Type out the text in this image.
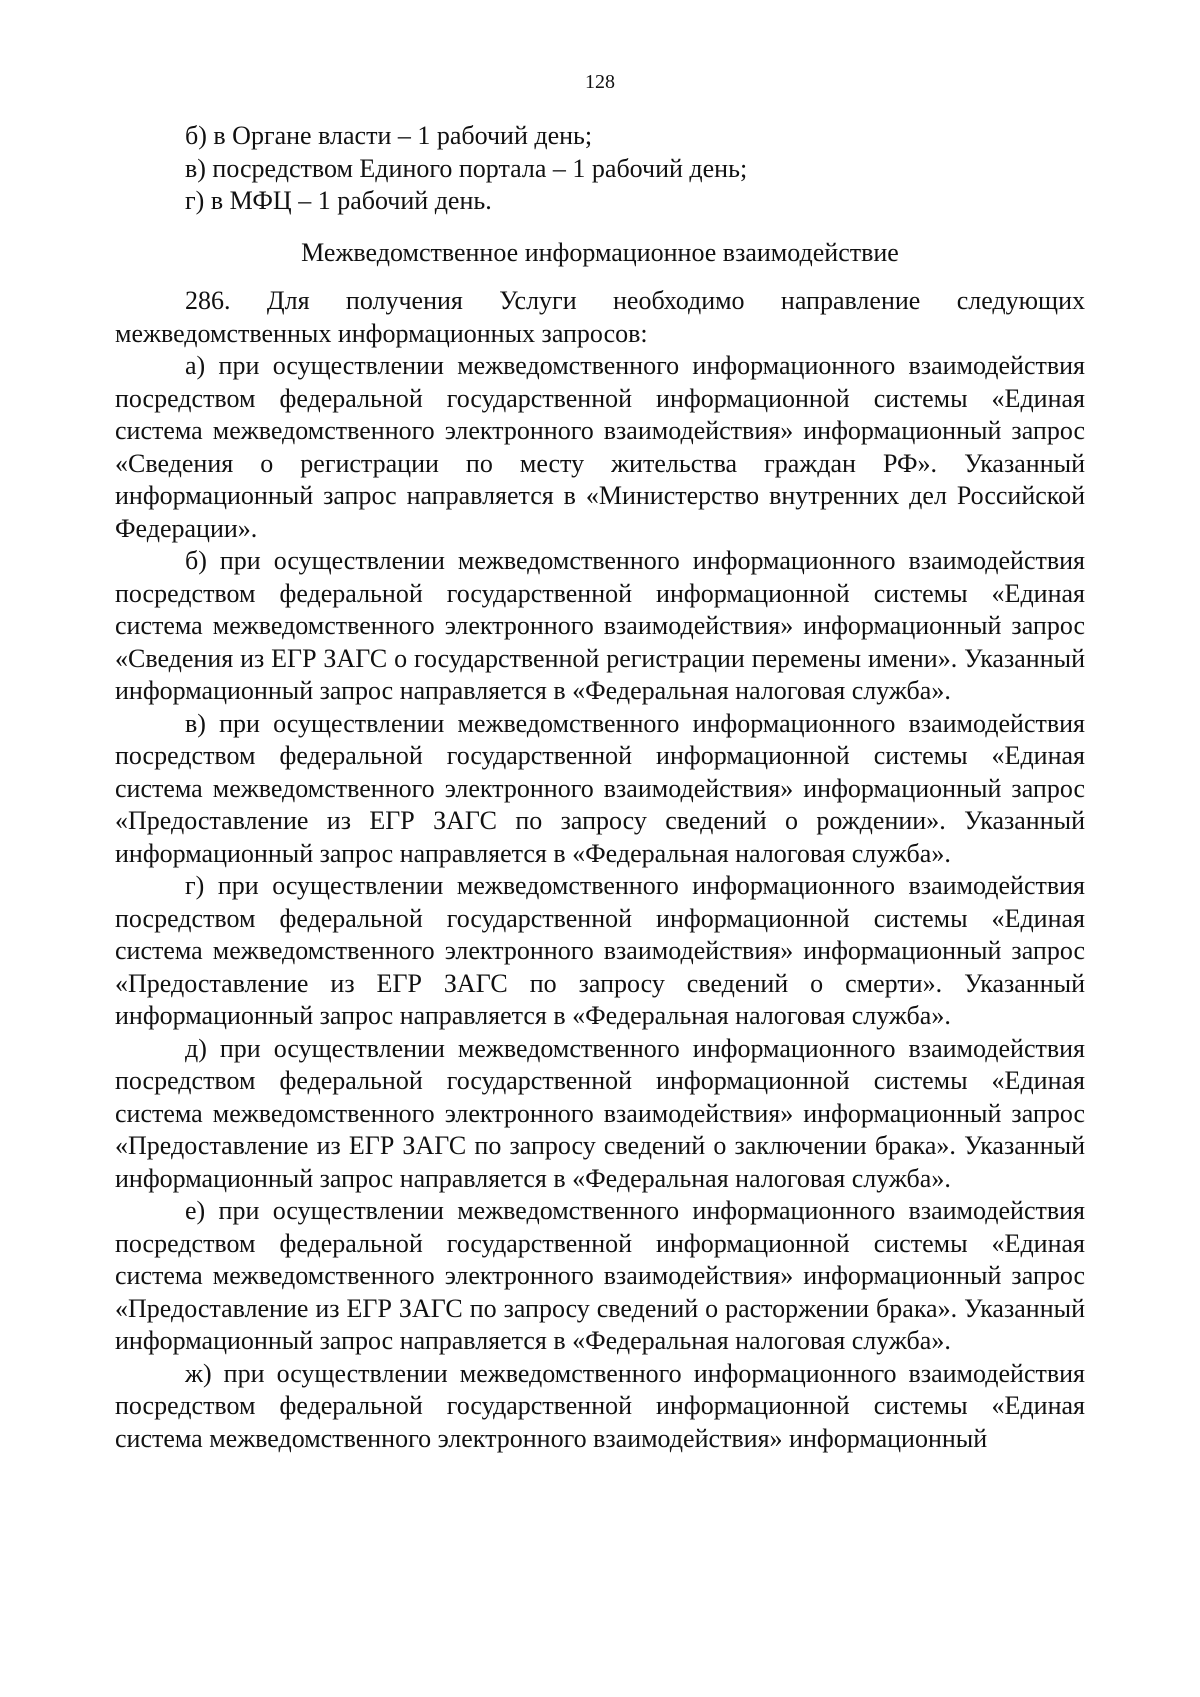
128

б) в Органе власти – 1 рабочий день;

в) посредством Единого портала – 1 рабочий день;

г) в МФЦ – 1 рабочий день.

Межведомственное информационное взаимодействие

286. Для получения Услуги необходимо направление следующих межведомственных информационных запросов:

а) при осуществлении межведомственного информационного взаимодействия посредством федеральной государственной информационной системы «Единая система межведомственного электронного взаимодействия» информационный запрос «Сведения о регистрации по месту жительства граждан РФ». Указанный информационный запрос направляется в «Министерство внутренних дел Российской Федерации».

б) при осуществлении межведомственного информационного взаимодействия посредством федеральной государственной информационной системы «Единая система межведомственного электронного взаимодействия» информационный запрос «Сведения из ЕГР ЗАГС о государственной регистрации перемены имени». Указанный информационный запрос направляется в «Федеральная налоговая служба».

в) при осуществлении межведомственного информационного взаимодействия посредством федеральной государственной информационной системы «Единая система межведомственного электронного взаимодействия» информационный запрос «Предоставление из ЕГР ЗАГС по запросу сведений о рождении». Указанный информационный запрос направляется в «Федеральная налоговая служба».

г) при осуществлении межведомственного информационного взаимодействия посредством федеральной государственной информационной системы «Единая система межведомственного электронного взаимодействия» информационный запрос «Предоставление из ЕГР ЗАГС по запросу сведений о смерти». Указанный информационный запрос направляется в «Федеральная налоговая служба».

д) при осуществлении межведомственного информационного взаимодействия посредством федеральной государственной информационной системы «Единая система межведомственного электронного взаимодействия» информационный запрос «Предоставление из ЕГР ЗАГС по запросу сведений о заключении брака». Указанный информационный запрос направляется в «Федеральная налоговая служба».

е) при осуществлении межведомственного информационного взаимодействия посредством федеральной государственной информационной системы «Единая система межведомственного электронного взаимодействия» информационный запрос «Предоставление из ЕГР ЗАГС по запросу сведений о расторжении брака». Указанный информационный запрос направляется в «Федеральная налоговая служба».

ж) при осуществлении межведомственного информационного взаимодействия посредством федеральной государственной информационной системы «Единая система межведомственного электронного взаимодействия» информационный
